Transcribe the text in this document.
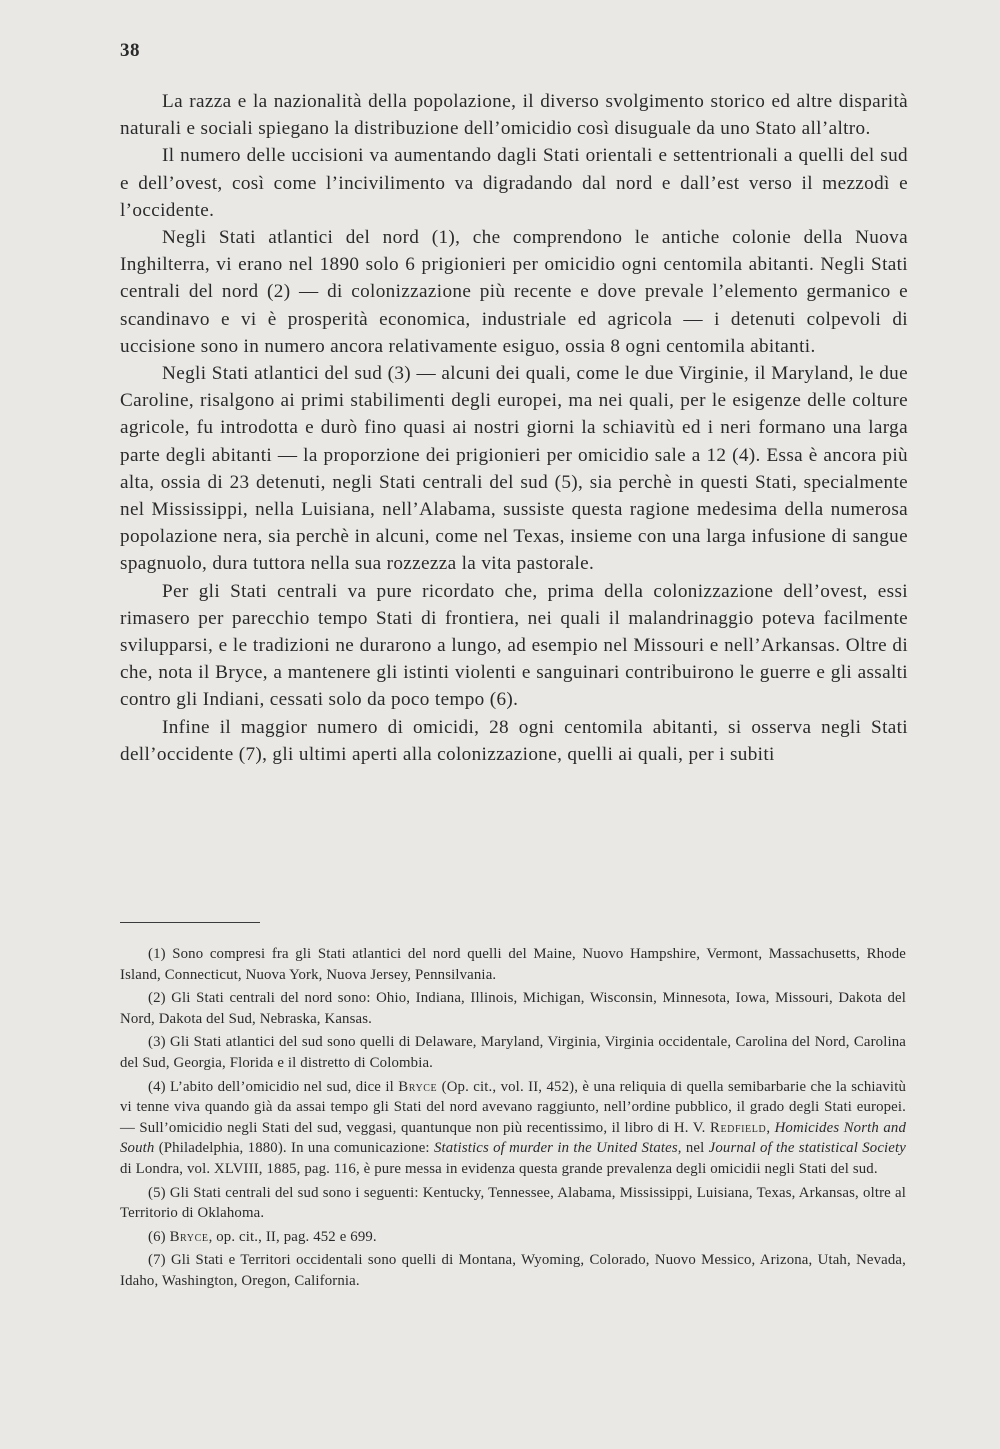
38

La razza e la nazionalità della popolazione, il diverso svolgimento storico ed altre disparità naturali e sociali spiegano la distribuzione dell’omicidio così disuguale da uno Stato all’altro.

Il numero delle uccisioni va aumentando dagli Stati orientali e settentrionali a quelli del sud e dell’ovest, così come l’incivilimento va digradando dal nord e dall’est verso il mezzodì e l’occidente.

Negli Stati atlantici del nord (1), che comprendono le antiche colonie della Nuova Inghilterra, vi erano nel 1890 solo 6 prigionieri per omicidio ogni centomila abitanti. Negli Stati centrali del nord (2) — di colonizzazione più recente e dove prevale l’elemento germanico e scandinavo e vi è prosperità economica, industriale ed agricola — i detenuti colpevoli di uccisione sono in numero ancora relativamente esiguo, ossia 8 ogni centomila abitanti.

Negli Stati atlantici del sud (3) — alcuni dei quali, come le due Virginie, il Maryland, le due Caroline, risalgono ai primi stabilimenti degli europei, ma nei quali, per le esigenze delle colture agricole, fu introdotta e durò fino quasi ai nostri giorni la schiavitù ed i neri formano una larga parte degli abitanti — la proporzione dei prigionieri per omicidio sale a 12 (4). Essa è ancora più alta, ossia di 23 detenuti, negli Stati centrali del sud (5), sia perchè in questi Stati, specialmente nel Mississippi, nella Luisiana, nell’Alabama, sussiste questa ragione medesima della numerosa popolazione nera, sia perchè in alcuni, come nel Texas, insieme con una larga infusione di sangue spagnuolo, dura tuttora nella sua rozzezza la vita pastorale.

Per gli Stati centrali va pure ricordato che, prima della colonizzazione dell’ovest, essi rimasero per parecchio tempo Stati di frontiera, nei quali il malandrinaggio poteva facilmente svilupparsi, e le tradizioni ne durarono a lungo, ad esempio nel Missouri e nell’Arkansas. Oltre di che, nota il Bryce, a mantenere gli istinti violenti e sanguinari contribuirono le guerre e gli assalti contro gli Indiani, cessati solo da poco tempo (6).

Infine il maggior numero di omicidi, 28 ogni centomila abitanti, si osserva negli Stati dell’occidente (7), gli ultimi aperti alla colonizzazione, quelli ai quali, per i subiti

(1) Sono compresi fra gli Stati atlantici del nord quelli del Maine, Nuovo Hampshire, Vermont, Massachusetts, Rhode Island, Connecticut, Nuova York, Nuova Jersey, Pennsilvania.

(2) Gli Stati centrali del nord sono: Ohio, Indiana, Illinois, Michigan, Wisconsin, Minnesota, Iowa, Missouri, Dakota del Nord, Dakota del Sud, Nebraska, Kansas.

(3) Gli Stati atlantici del sud sono quelli di Delaware, Maryland, Virginia, Virginia occidentale, Carolina del Nord, Carolina del Sud, Georgia, Florida e il distretto di Colombia.

(4) L’abito dell’omicidio nel sud, dice il Bryce (Op. cit., vol. II, 452), è una reliquia di quella semibarbarie che la schiavitù vi tenne viva quando già da assai tempo gli Stati del nord avevano raggiunto, nell’ordine pubblico, il grado degli Stati europei. — Sull’omicidio negli Stati del sud, veggasi, quantunque non più recentissimo, il libro di H. V. Redfield, Homicides North and South (Philadelphia, 1880). In una comunicazione: Statistics of murder in the United States, nel Journal of the statistical Society di Londra, vol. XLVIII, 1885, pag. 116, è pure messa in evidenza questa grande prevalenza degli omicidii negli Stati del sud.

(5) Gli Stati centrali del sud sono i seguenti: Kentucky, Tennessee, Alabama, Mississippi, Luisiana, Texas, Arkansas, oltre al Territorio di Oklahoma.

(6) Bryce, op. cit., II, pag. 452 e 699.

(7) Gli Stati e Territori occidentali sono quelli di Montana, Wyoming, Colorado, Nuovo Messico, Arizona, Utah, Nevada, Idaho, Washington, Oregon, California.
